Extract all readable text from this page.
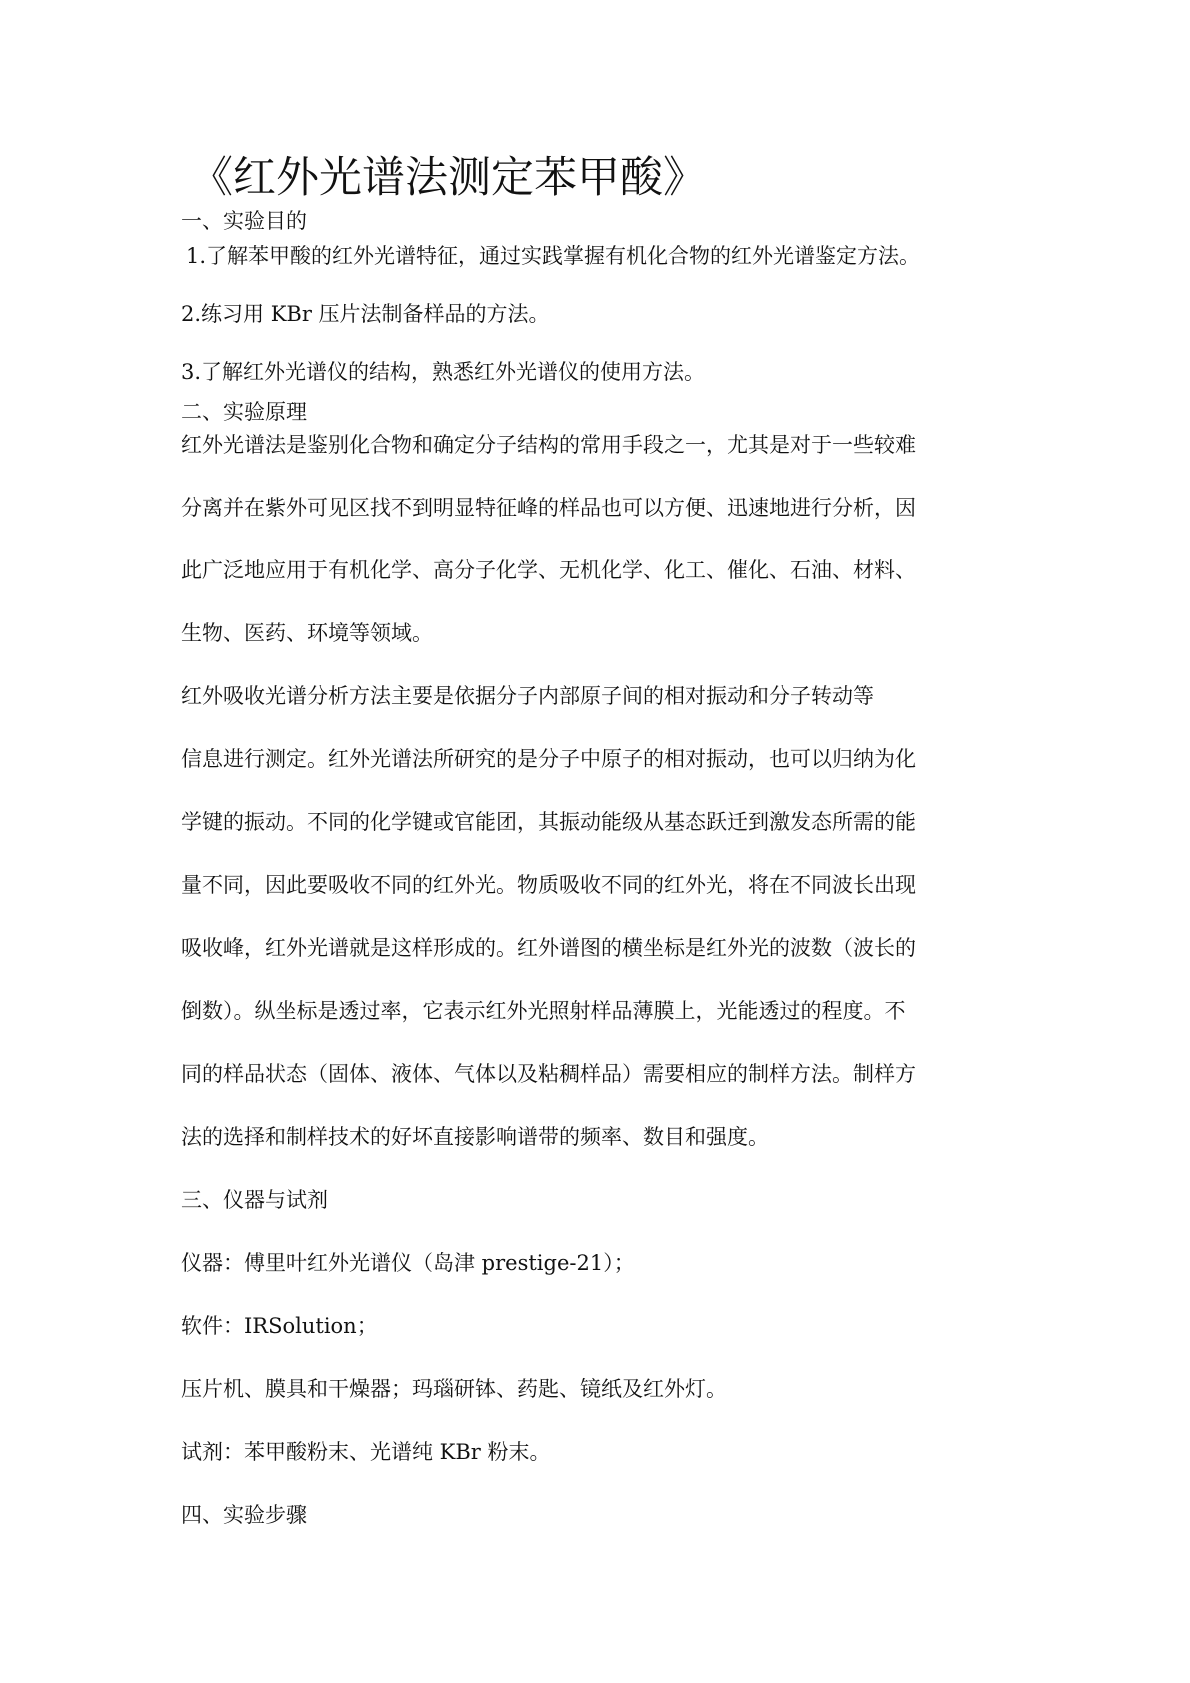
《红外光谱法测定苯甲酸》

一、实验目的

1.了解苯甲酸的红外光谱特征，通过实践掌握有机化合物的红外光谱鉴定方法。

2.练习用 KBr 压片法制备样品的方法。

3.了解红外光谱仪的结构，熟悉红外光谱仪的使用方法。

二、实验原理

红外光谱法是鉴别化合物和确定分子结构的常用手段之一，尤其是对于一些较难

分离并在紫外可见区找不到明显特征峰的样品也可以方便、迅速地进行分析，因

此广泛地应用于有机化学、高分子化学、无机化学、化工、催化、石油、材料、

生物、医药、环境等领域。

红外吸收光谱分析方法主要是依据分子内部原子间的相对振动和分子转动等

信息进行测定。红外光谱法所研究的是分子中原子的相对振动，也可以归纳为化

学键的振动。不同的化学键或官能团，其振动能级从基态跃迁到激发态所需的能

量不同，因此要吸收不同的红外光。物质吸收不同的红外光，将在不同波长出现

吸收峰，红外光谱就是这样形成的。红外谱图的横坐标是红外光的波数（波长的

倒数）。纵坐标是透过率，它表示红外光照射样品薄膜上，光能透过的程度。不

同的样品状态（固体、液体、气体以及粘稠样品）需要相应的制样方法。制样方

法的选择和制样技术的好坏直接影响谱带的频率、数目和强度。

三、仪器与试剂

仪器：傅里叶红外光谱仪（岛津 prestige-21）；

软件：IRSolution；

压片机、膜具和干燥器；玛瑙研钵、药匙、镜纸及红外灯。

试剂：苯甲酸粉末、光谱纯 KBr 粉末。

四、实验步骤
